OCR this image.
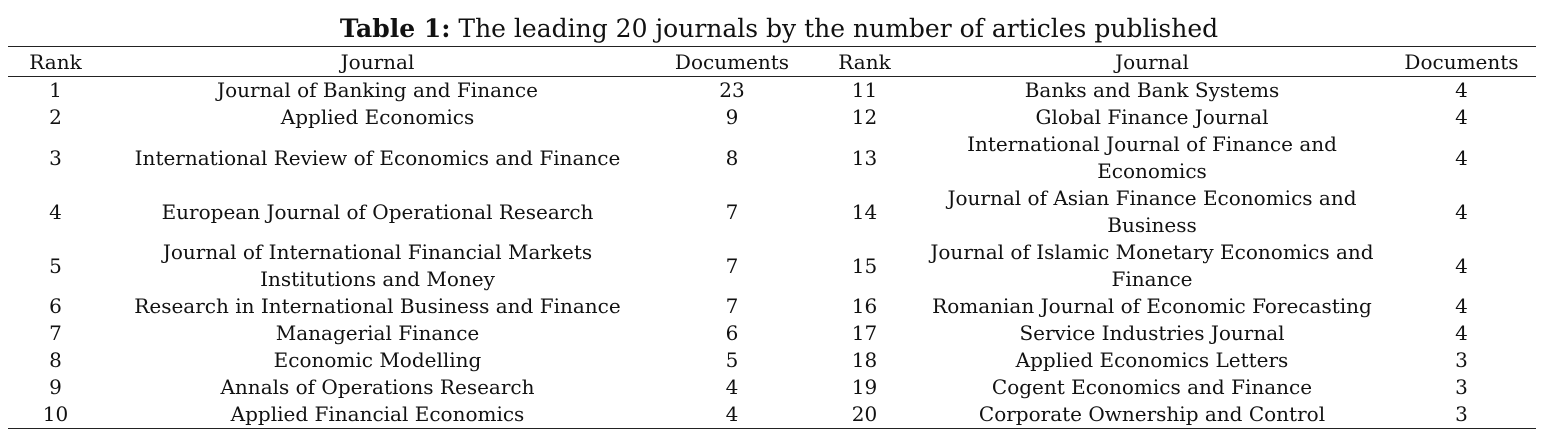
Table 1: The leading 20 journals by the number of articles published
Rank	Journal	Documents	Rank	Journal	Documents
1	Journal of Banking and Finance	23	11	Banks and Bank Systems	4
2	Applied Economics	9	12	Global Finance Journal	4
3	International Review of Economics and Finance	8	13	International Journal of Finance and Economics	4
4	European Journal of Operational Research	7	14	Journal of Asian Finance Economics and Business	4
5	Journal of International Financial Markets Institutions and Money	7	15	Journal of Islamic Monetary Economics and Finance	4
6	Research in International Business and Finance	7	16	Romanian Journal of Economic Forecasting	4
7	Managerial Finance	6	17	Service Industries Journal	4
8	Economic Modelling	5	18	Applied Economics Letters	3
9	Annals of Operations Research	4	19	Cogent Economics and Finance	3
10	Applied Financial Economics	4	20	Corporate Ownership and Control	3
